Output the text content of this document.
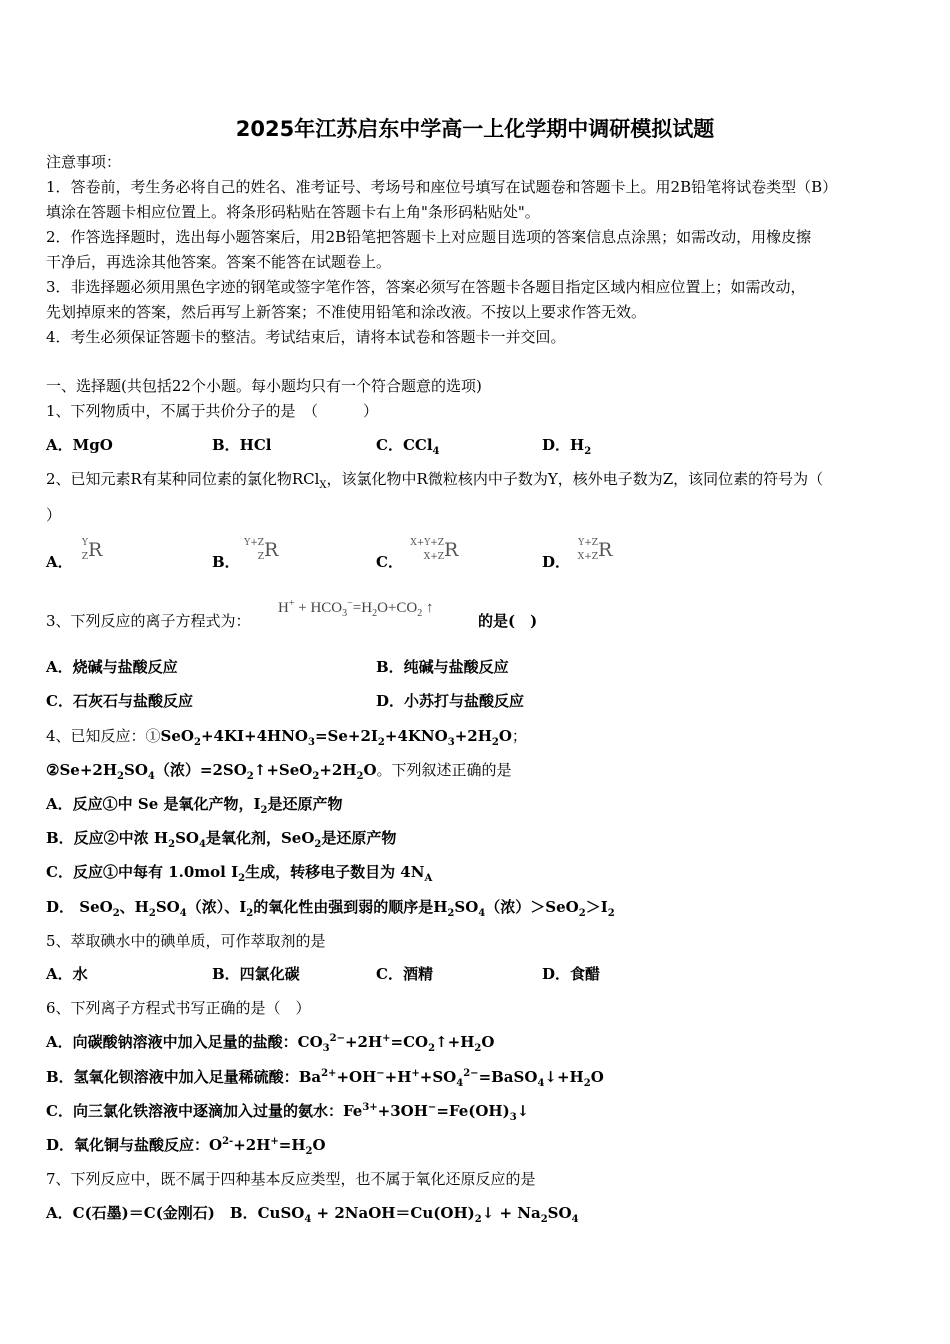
2025年江苏启东中学高一上化学期中调研模拟试题
注意事项：
1．答卷前，考生务必将自己的姓名、准考证号、考场号和座位号填写在试题卷和答题卡上。用2B铅笔将试卷类型（B）
填涂在答题卡相应位置上。将条形码粘贴在答题卡右上角"条形码粘贴处"。
2．作答选择题时，选出每小题答案后，用2B铅笔把答题卡上对应题目选项的答案信息点涂黑；如需改动，用橡皮擦
干净后，再选涂其他答案。答案不能答在试题卷上。
3．非选择题必须用黑色字迹的钢笔或签字笔作答，答案必须写在答题卡各题目指定区域内相应位置上；如需改动，
先划掉原来的答案，然后再写上新答案；不准使用铅笔和涂改液。不按以上要求作答无效。
4．考生必须保证答题卡的整洁。考试结束后，请将本试卷和答题卡一并交回。
一、选择题(共包括22个小题。每小题均只有一个符合题意的选项)
1、下列物质中，不属于共价分子的是　（　　　）
A．MgO	B．HCl	C．CCl$_4$	D．$H_2$
2、已知元素R有某种同位素的氯化物RCl$_X$，该氯化物中R微粒核内中子数为Y，核外电子数为Z，该同位素的符号为（
）
A．
Y
Z R
B．
Y+Z
Z R
C．
X+Y+Z
X+Z R
D．
Y+Z
X+Z R
3、下列反应的离子方程式为：
$H^+ + HCO_3^-=H_2O+CO_2$ ↑
的是(　)
A．烧碱与盐酸反应	B．纯碱与盐酸反应
C．石灰石与盐酸反应	D．小苏打与盐酸反应
4、已知反应：$①SeO_2+4KI+4HNO_3=Se+2I_2+4KNO_3+2H_2O$；
$②Se+2H_2SO_4$（浓）$=2SO_2↑+SeO_2+2H_2O$。下列叙述正确的是
A．反应①中 Se 是氧化产物，$I_2$是还原产物
B．反应②中浓 $H_2SO_4$是氧化剂，SeO$_2$是还原产物
C．反应①中每有 1.0mol $I_2$生成，转移电子数目为 $4N_A$
D． SeO$_2$、$H_2SO_4$（浓）、$I_2$的氧化性由强到弱的顺序是$H_2SO_4$（浓）$>SeO_2>I_2$
5、萃取碘水中的碘单质，可作萃取剂的是
A．水	B．四氯化碳	C．酒精	D．食醋
6、下列离子方程式书写正确的是（　）
A．向碳酸钠溶液中加入足量的盐酸：$CO_3^{2-}+2H^+=CO_2↑+H_2O$
B．氢氧化钡溶液中加入足量稀硫酸：$Ba^{2+}+OH^-+H^++SO_4^{2-}=BaSO_4↓+H_2O$
C．向三氯化铁溶液中逐滴加入过量的氨水：$Fe^{3+}+3OH^-=Fe(OH)_3↓$
D．氧化铜与盐酸反应：$O^{2-}+2H^+=H_2O$
7、下列反应中，既不属于四种基本反应类型，也不属于氧化还原反应的是
A．C(石墨)＝C(金刚石)　 B．CuSO$_4$ + $2NaOH=Cu(OH)_2↓ + Na_2SO_4$
